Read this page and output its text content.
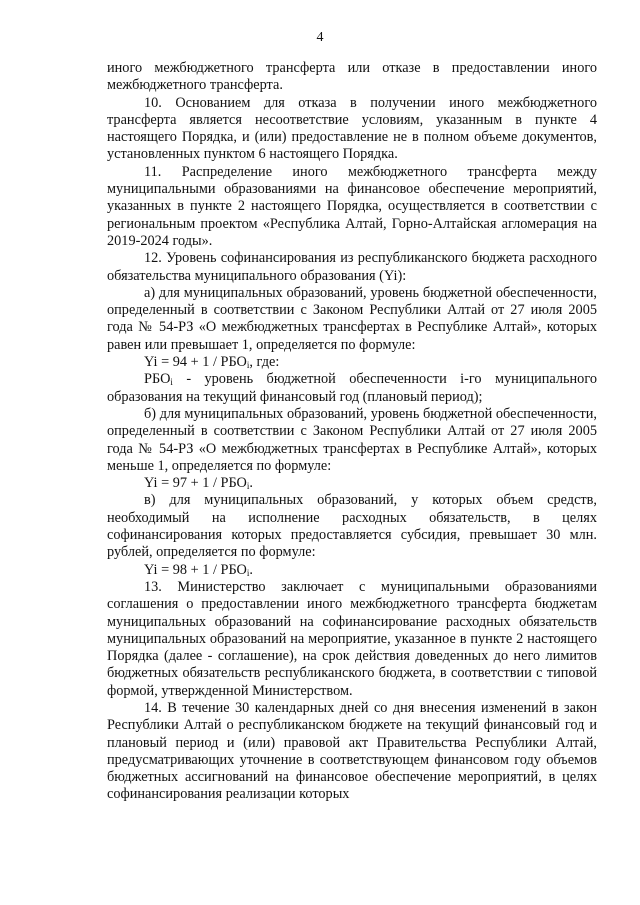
4

иного межбюджетного трансферта или отказе в предоставлении иного межбюджетного трансферта.

10. Основанием для отказа в получении иного межбюджетного трансферта является несоответствие условиям, указанным в пункте 4 настоящего Порядка, и (или) предоставление не в полном объеме документов, установленных пунктом 6 настоящего Порядка.

11. Распределение иного межбюджетного трансферта между муниципальными образованиями на финансовое обеспечение мероприятий, указанных в пункте 2 настоящего Порядка, осуществляется в соответствии с региональным проектом «Республика Алтай, Горно-Алтайская агломерация на 2019-2024 годы».

12. Уровень софинансирования из республиканского бюджета расходного обязательства муниципального образования (Yi):

а) для муниципальных образований, уровень бюджетной обеспеченности, определенный в соответствии с Законом Республики Алтай от 27 июля 2005 года № 54-РЗ «О межбюджетных трансфертах в Республике Алтай», которых равен или превышает 1, определяется по формуле:

$Yi = 94 + 1 / РБО_i$, где:

$РБО_i$ - уровень бюджетной обеспеченности i-го муниципального образования на текущий финансовый год (плановый период);

б) для муниципальных образований, уровень бюджетной обеспеченности, определенный в соответствии с Законом Республики Алтай от 27 июля 2005 года № 54-РЗ «О межбюджетных трансфертах в Республике Алтай», которых меньше 1, определяется по формуле:

$Yi = 97 + 1 / РБО_i$.

в) для муниципальных образований, у которых объем средств, необходимый на исполнение расходных обязательств, в целях софинансирования которых предоставляется субсидия, превышает 30 млн. рублей, определяется по формуле:

$Yi = 98 + 1 / РБО_i$.

13. Министерство заключает с муниципальными образованиями соглашения о предоставлении иного межбюджетного трансферта бюджетам муниципальных образований на софинансирование расходных обязательств муниципальных образований на мероприятие, указанное в пункте 2 настоящего Порядка (далее - соглашение), на срок действия доведенных до него лимитов бюджетных обязательств республиканского бюджета, в соответствии с типовой формой, утвержденной Министерством.

14. В течение 30 календарных дней со дня внесения изменений в закон Республики Алтай о республиканском бюджете на текущий финансовый год и плановый период и (или) правовой акт Правительства Республики Алтай, предусматривающих уточнение в соответствующем финансовом году объемов бюджетных ассигнований на финансовое обеспечение мероприятий, в целях софинансирования реализации которых
